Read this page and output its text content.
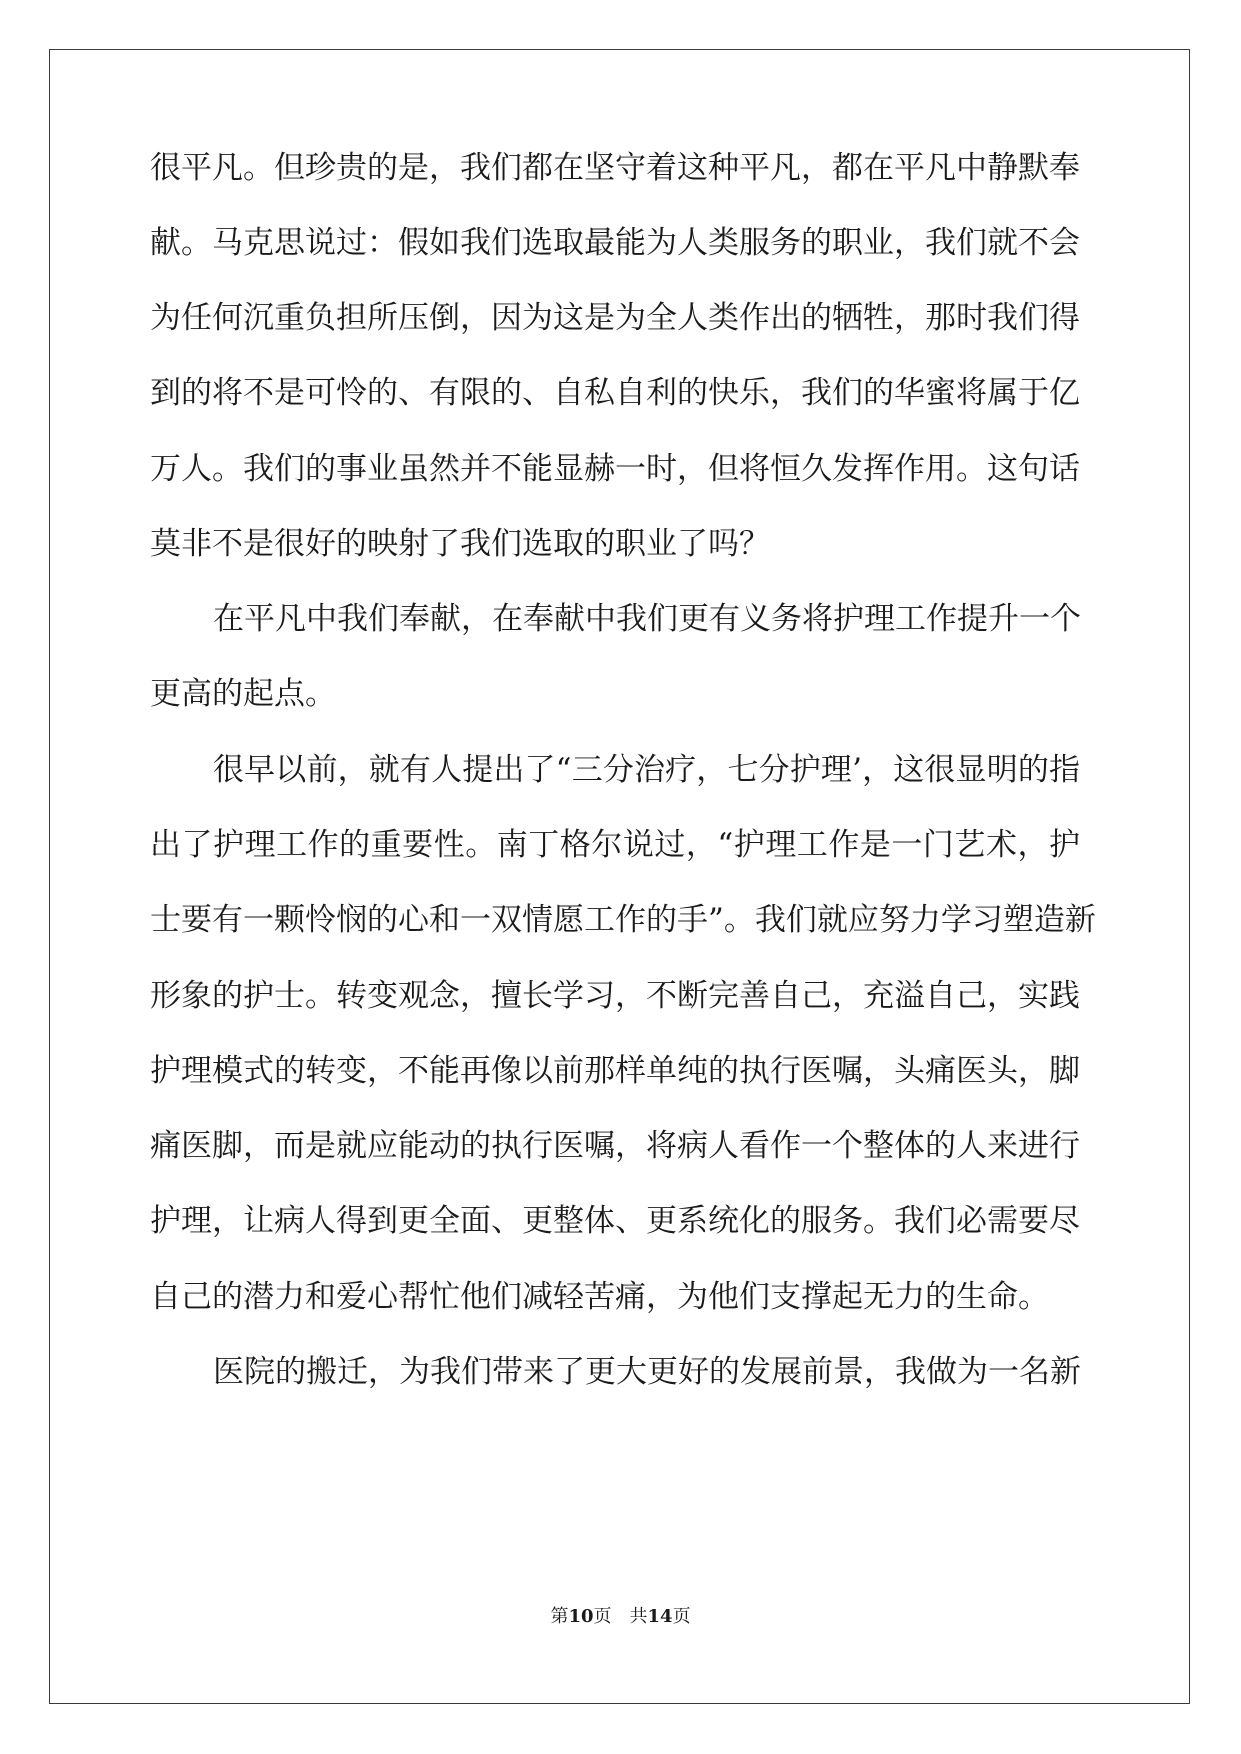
很平凡。但珍贵的是，我们都在坚守着这种平凡，都在平凡中静默奉
献。马克思说过：假如我们选取最能为人类服务的职业，我们就不会
为任何沉重负担所压倒，因为这是为全人类作出的牺牲，那时我们得
到的将不是可怜的、有限的、自私自利的快乐，我们的华蜜将属于亿
万人。我们的事业虽然并不能显赫一时，但将恒久发挥作用。这句话
莫非不是很好的映射了我们选取的职业了吗？
在平凡中我们奉献，在奉献中我们更有义务将护理工作提升一个
更高的起点。
很早以前，就有人提出了“三分治疗，七分护理’，这很显明的指
出了护理工作的重要性。南丁格尔说过，“护理工作是一门艺术，护
士要有一颗怜悯的心和一双情愿工作的手”。我们就应努力学习塑造新
形象的护士。转变观念，擅长学习，不断完善自己，充溢自己，实践
护理模式的转变，不能再像以前那样单纯的执行医嘱，头痛医头，脚
痛医脚，而是就应能动的执行医嘱，将病人看作一个整体的人来进行
护理，让病人得到更全面、更整体、更系统化的服务。我们必需要尽
自己的潜力和爱心帮忙他们减轻苦痛，为他们支撑起无力的生命。
医院的搬迁，为我们带来了更大更好的发展前景，我做为一名新
第10页　共14页
